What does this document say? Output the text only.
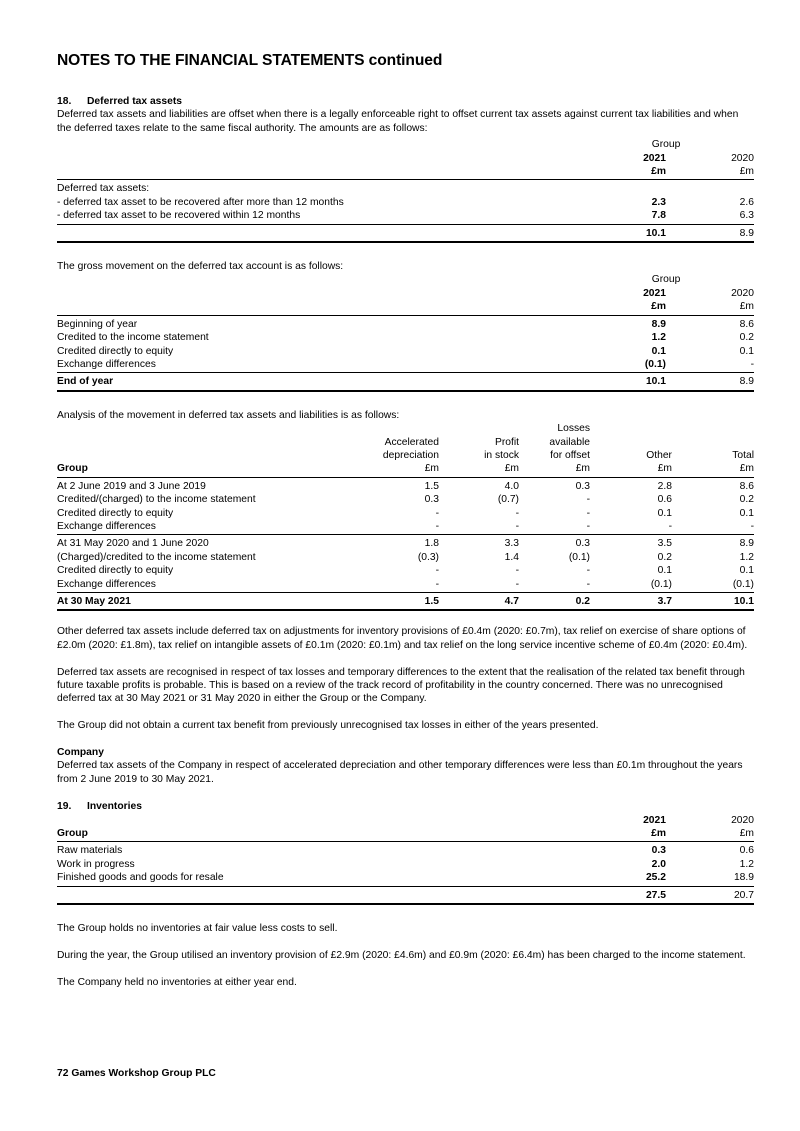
NOTES TO THE FINANCIAL STATEMENTS continued
18.	Deferred tax assets

Deferred tax assets and liabilities are offset when there is a legally enforceable right to offset current tax assets against current tax liabilities and when the deferred taxes relate to the same fiscal authority. The amounts are as follows:

Group
2021	2020
£m	£m
Deferred tax assets:
- deferred tax asset to be recovered after more than 12 months	2.3	2.6
- deferred tax asset to be recovered within 12 months	7.8	6.3
10.1	8.9

The gross movement on the deferred tax account is as follows:

Group
2021	2020
£m	£m
Beginning of year	8.9	8.6
Credited to the income statement	1.2	0.2
Credited directly to equity	0.1	0.1
Exchange differences	(0.1)	-
End of year	10.1	8.9

Analysis of the movement in deferred tax assets and liabilities is as follows:

Losses
Accelerated	Profit	available
depreciation	in stock	for offset	Other	Total
Group	£m	£m	£m	£m	£m
At 2 June 2019 and 3 June 2019	1.5	4.0	0.3	2.8	8.6
Credited/(charged) to the income statement	0.3	(0.7)	-	0.6	0.2
Credited directly to equity	-	-	-	0.1	0.1
Exchange differences	-	-	-	-	-
At 31 May 2020 and 1 June 2020	1.8	3.3	0.3	3.5	8.9
(Charged)/credited to the income statement	(0.3)	1.4	(0.1)	0.2	1.2
Credited directly to equity	-	-	-	0.1	0.1
Exchange differences	-	-	-	(0.1)	(0.1)
At 30 May 2021	1.5	4.7	0.2	3.7	10.1

Other deferred tax assets include deferred tax on adjustments for inventory provisions of £0.4m (2020: £0.7m), tax relief on exercise of share options of £2.0m (2020: £1.8m), tax relief on intangible assets of £0.1m (2020: £0.1m) and tax relief on the long service incentive scheme of £0.4m (2020: £0.4m).

Deferred tax assets are recognised in respect of tax losses and temporary differences to the extent that the realisation of the related tax benefit through future taxable profits is probable. This is based on a review of the track record of profitability in the country concerned. There was no unrecognised deferred tax at 30 May 2021 or 31 May 2020 in either the Group or the Company.

The Group did not obtain a current tax benefit from previously unrecognised tax losses in either of the years presented.

Company

Deferred tax assets of the Company in respect of accelerated depreciation and other temporary differences were less than £0.1m throughout the years from 2 June 2019 to 30 May 2021.

19.	Inventories
2021	2020
Group	£m	£m
Raw materials	0.3	0.6
Work in progress	2.0	1.2
Finished goods and goods for resale	25.2	18.9
27.5	20.7

The Group holds no inventories at fair value less costs to sell.

During the year, the Group utilised an inventory provision of £2.9m (2020: £4.6m) and £0.9m (2020: £6.4m) has been charged to the income statement.

The Company held no inventories at either year end.

72 Games Workshop Group PLC
